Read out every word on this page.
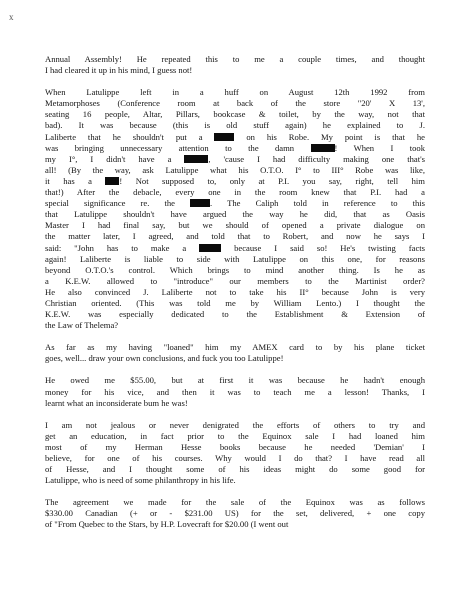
x
Annual Assembly! He repeated this to me a couple times, and thought
I had cleared it up in his mind, I guess not!
When Latulippe left in a huff on August 12th 1992 from
Metamorphoses (Conference room at back of the store "20' X 13',
seating 16 people, Altar, Pillars, bookcase & toilet, by the way, not that
bad). It was because (this is old stuff again) he explained to J.
Laliberte that he shouldn't put a  on his Robe. My point is that he
was bringing unnecessary attention to the damn	! When I took
my I°, I didn't have a	, 'cause I had difficulty making one that's
all! (By the way, ask Latulippe what his O.T.O. I° to III° Robe was like,
it has a ! Not supposed to, only at P.I. you say, right, tell him
that!) After the debacle, every one in the room knew that P.I. had a
special significance re. the . The Caliph told in reference to this
that Latulippe shouldn't have argued the way he did, that as Oasis
Master I had final say, but we should of opened a private dialogue on
the matter later, I agreed, and told that to Robert, and now he says I
said: "John has to make a	because I said so! He's twisting facts
again! Laliberte is liable to side with Latulippe on this one, for reasons
beyond O.T.O.'s control. Which brings to mind another thing. Is he as
a K.E.W. allowed to "introduce" our members to the Martinist order?
He also convinced J. Laliberte not to take his II° because John is very
Christian oriented. (This was told me by William Lento.) I thought the
K.E.W. was especially dedicated to the Establishment & Extension of
the Law of Thelema?
As far as my having "loaned" him my AMEX card to by his plane ticket
goes, well... draw your own conclusions, and fuck you too Latulippe!
He owed me $55.00, but at first it was because he hadn't enough
money for his vice, and then it was to teach me a lesson! Thanks, I
learnt what an inconsiderate bum he was!
I am not jealous or never denigrated the efforts of others to try and
get an education, in fact prior to the Equinox sale I had loaned him
most of my Herman Hesse books because he needed 'Demian' I
believe, for one of his courses. Why would I do that? I have read all
of Hesse, and I thought some of his ideas might do some good for
Latulippe, who is need of some philanthropy in his life.
The agreement we made for the sale of the Equinox was as follows
$330.00 Canadian (+ or - $231.00 US) for the set, delivered, + one copy
of "From Quebec to the Stars, by H.P. Lovecraft for $20.00 (I went out
